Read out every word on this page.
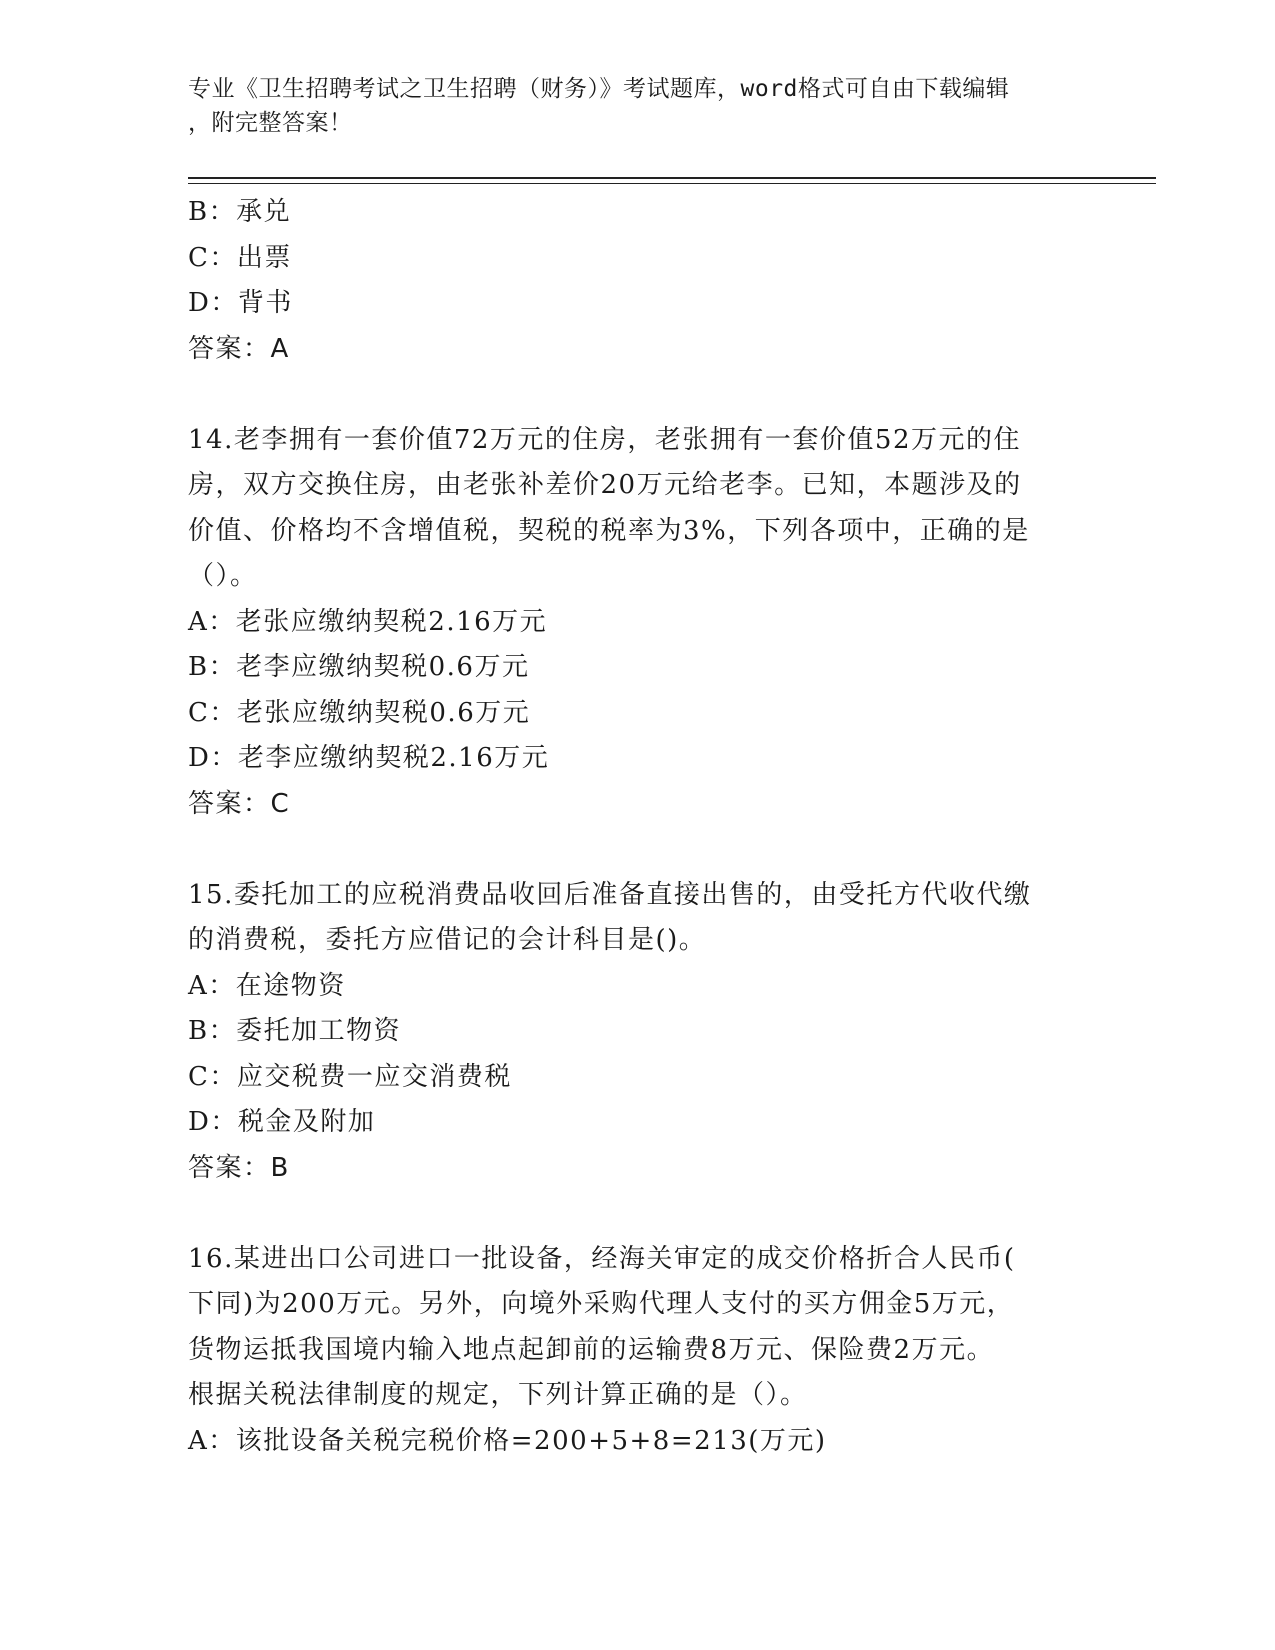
专业《卫生招聘考试之卫生招聘（财务）》考试题库，word格式可自由下载编辑
，附完整答案！
B：承兑
C：出票
D：背书
答案：A
14.老李拥有一套价值72万元的住房，老张拥有一套价值52万元的住
房，双方交换住房，由老张补差价20万元给老李。已知，本题涉及的
价值、价格均不含增值税，契税的税率为3%，下列各项中，正确的是
（）。
A：老张应缴纳契税2.16万元
B：老李应缴纳契税0.6万元
C：老张应缴纳契税0.6万元
D：老李应缴纳契税2.16万元
答案：C
15.委托加工的应税消费品收回后准备直接出售的，由受托方代收代缴
的消费税，委托方应借记的会计科目是()。
A：在途物资
B：委托加工物资
C：应交税费一应交消费税
D：税金及附加
答案：B
16.某进出口公司进口一批设备，经海关审定的成交价格折合人民币(
下同)为200万元。另外，向境外采购代理人支付的买方佣金5万元，
货物运抵我国境内输入地点起卸前的运输费8万元、保险费2万元。
根据关税法律制度的规定，下列计算正确的是（）。
A：该批设备关税完税价格=200+5+8=213(万元)
